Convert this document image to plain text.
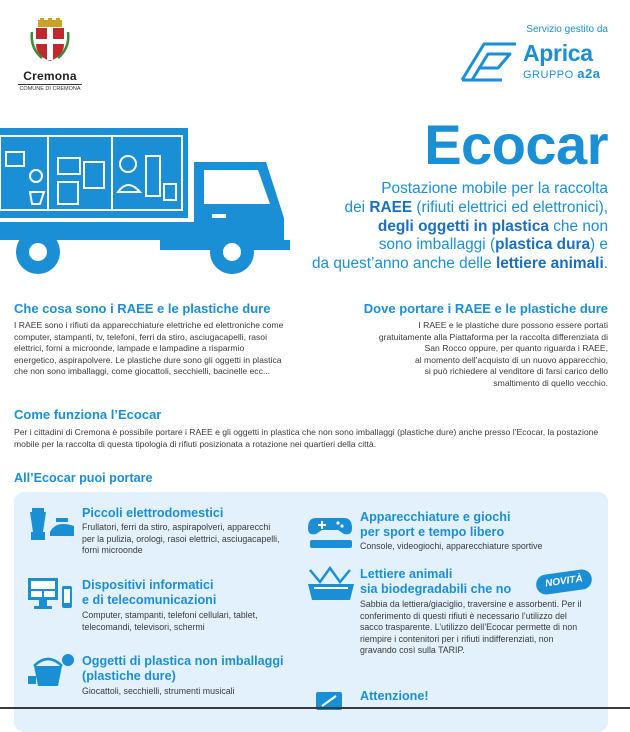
Cremona
COMUNE DI CREMONA
Servizio gestito da
Aprica
GRUPPO a2a
Ecocar
Postazione mobile per la raccolta
dei RAEE (rifiuti elettrici ed elettronici),
degli oggetti in plastica che non
sono imballaggi (plastica dura) e
da quest’anno anche delle lettiere animali.
Che cosa sono i RAEE e le plastiche dure
I RAEE sono i rifiuti da apparecchiature elettriche ed elettroniche come computer, stampanti, tv, telefoni, ferri da stiro, asciugacapelli, rasoi elettrici, forni a microonde, lampade e lampadine a risparmio energetico, aspirapolvere. Le plastiche dure sono gli oggetti in plastica che non sono imballaggi, come giocattoli, secchielli, bacinelle ecc...
Dove portare i RAEE e le plastiche dure
I RAEE e le plastiche dure possono essere portati
gratuitamente alla Piattaforma per la raccolta differenziata di
San Rocco oppure, per quanto riguarda i RAEE,
al momento dell’acquisto di un nuovo apparecchio,
si può richiedere al venditore di farsi carico dello
smaltimento di quello vecchio.
Come funziona l’Ecocar
Per i cittadini di Cremona è possibile portare i RAEE e gli oggetti in plastica che non sono imballaggi (plastiche dure) anche presso l’Ecocar, la postazione mobile per la raccolta di questa tipologia di rifiuti posizionata a rotazione nei quartieri della città.
All’Ecocar puoi portare
Piccoli elettrodomestici
Frullatori, ferri da stiro, aspirapolveri, apparecchi per la pulizia, orologi, rasoi elettrici, asciugacapelli, forni microonde
Dispositivi informatici
e di telecomunicazioni
Computer, stampanti, telefoni cellulari, tablet, telecomandi, televisori, schermi
Oggetti di plastica non imballaggi
(plastiche dure)
Giocattoli, secchielli, strumenti musicali
Apparecchiature e giochi
per sport e tempo libero
Console, videogiochi, apparecchiature sportive
Lettiere animali
sia biodegradabili che no	NOVITÀ
Sabbia da lettiera/giaciglio, traversine e assorbenti. Per il conferimento di questi rifiuti è necessario l’utilizzo del sacco trasparente. L’utilizzo dell’Ecocar permette di non riempire i contenitori per i rifiuti indifferenziati, non gravando così sulla TARIP.
Attenzione!
